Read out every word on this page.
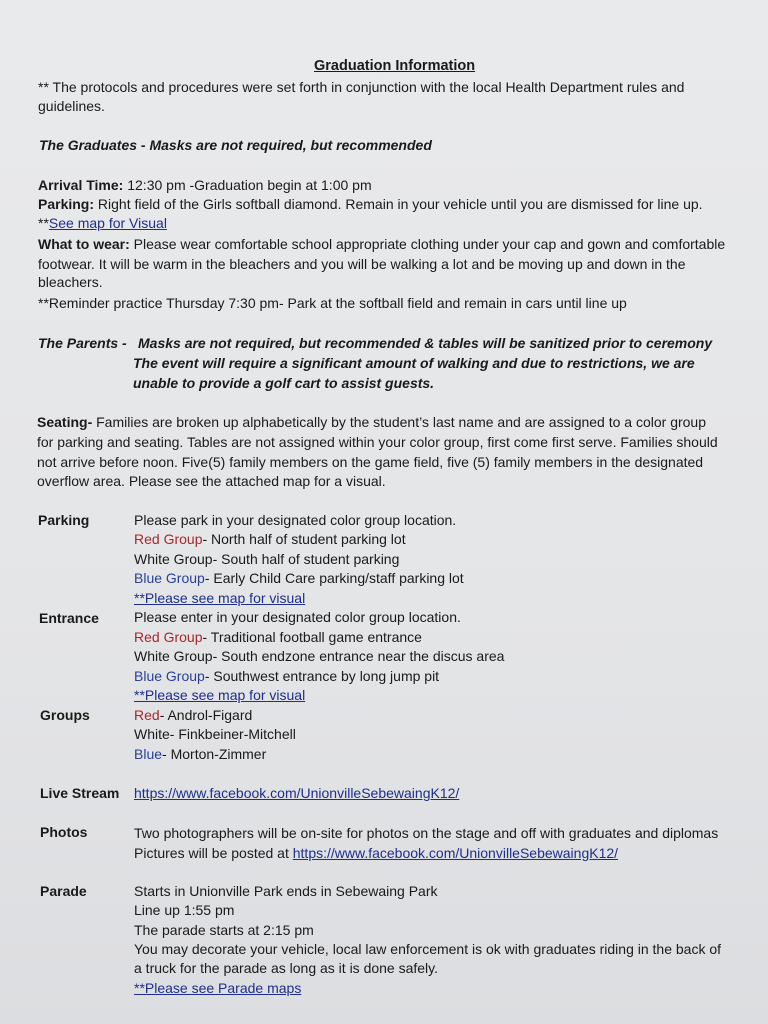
Graduation Information
** The protocols and procedures were set forth in conjunction with the local Health Department rules and
guidelines.
The Graduates - Masks are not required, but recommended
Arrival Time: 12:30 pm -Graduation begin at 1:00 pm
Parking: Right field of the Girls softball diamond. Remain in your vehicle until you are dismissed for line up.
**See map for Visual
What to wear: Please wear comfortable school appropriate clothing under your cap and gown and comfortable
footwear. It will be warm in the bleachers and you will be walking a lot and be moving up and down in the
bleachers.
**Reminder practice Thursday 7:30 pm- Park at the softball field and remain in cars until line up
The Parents - Masks are not required, but recommended & tables will be sanitized prior to ceremony
The event will require a significant amount of walking and due to restrictions, we are
unable to provide a golf cart to assist guests.
Seating- Families are broken up alphabetically by the student’s last name and are assigned to a color group
for parking and seating. Tables are not assigned within your color group, first come first serve. Families should
not arrive before noon. Five(5) family members on the game field, five (5) family members in the designated
overflow area. Please see the attached map for a visual.
Parking	Please park in your designated color group location.
Red Group- North half of student parking lot
White Group- South half of student parking
Blue Group- Early Child Care parking/staff parking lot
**Please see map for visual
Entrance	Please enter in your designated color group location.
Red Group- Traditional football game entrance
White Group- South endzone entrance near the discus area
Blue Group- Southwest entrance by long jump pit
**Please see map for visual
Groups	Red- Androl-Figard
White- Finkbeiner-Mitchell
Blue- Morton-Zimmer
Live Stream https://www.facebook.com/UnionvilleSebewaingK12/
Photos	Two photographers will be on-site for photos on the stage and off with graduates and diplomas
Pictures will be posted at https://www.facebook.com/UnionvilleSebewaingK12/
Parade	Starts in Unionville Park ends in Sebewaing Park
Line up 1:55 pm
The parade starts at 2:15 pm
You may decorate your vehicle, local law enforcement is ok with graduates riding in the back of
a truck for the parade as long as it is done safely.
**Please see Parade maps
